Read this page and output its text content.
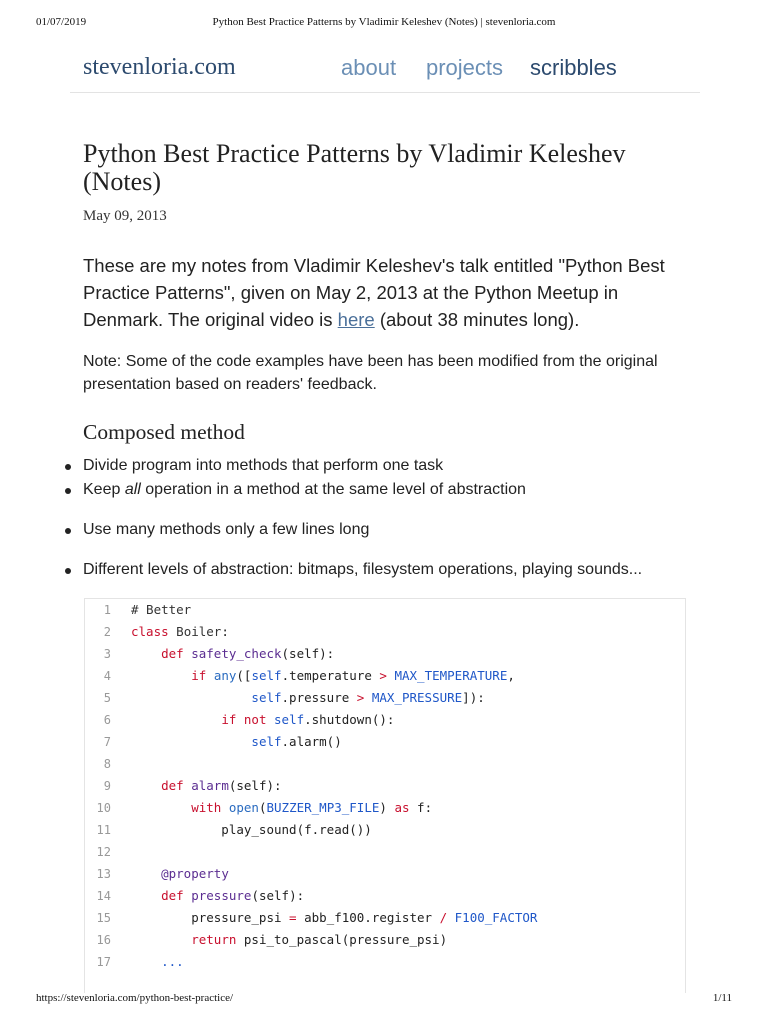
01/07/2019	Python Best Practice Patterns by Vladimir Keleshev (Notes) | stevenloria.com
stevenloria.com	about projects scribbles
Python Best Practice Patterns by Vladimir Keleshev (Notes)
May 09, 2013

These are my notes from Vladimir Keleshev's talk entitled "Python Best Practice Patterns", given on May 2, 2013 at the Python Meetup in Denmark. The original video is here (about 38 minutes long).

Note: Some of the code examples have been has been modified from the original presentation based on readers' feedback.

Composed method
Divide program into methods that perform one task
Keep all operation in a method at the same level of abstraction
Use many methods only a few lines long
Different levels of abstraction: bitmaps, filesystem operations, playing sounds...
1 # Better
2 class Boiler:
3	def safety_check(self):
4	if any([self.temperature > MAX_TEMPERATURE,
5	self.pressure > MAX_PRESSURE]):
6	if not self.shutdown():
7	self.alarm()
8
9	def alarm(self):
10	with open(BUZZER_MP3_FILE) as f:
11 play_sound(f.read())
12
13	@property
14	def pressure(self):
15 pressure_psi = abb_f100.register / F100_FACTOR
16	return psi_to_pascal(pressure_psi)
17	...
https://stevenloria.com/python-best-practice/	1/11
